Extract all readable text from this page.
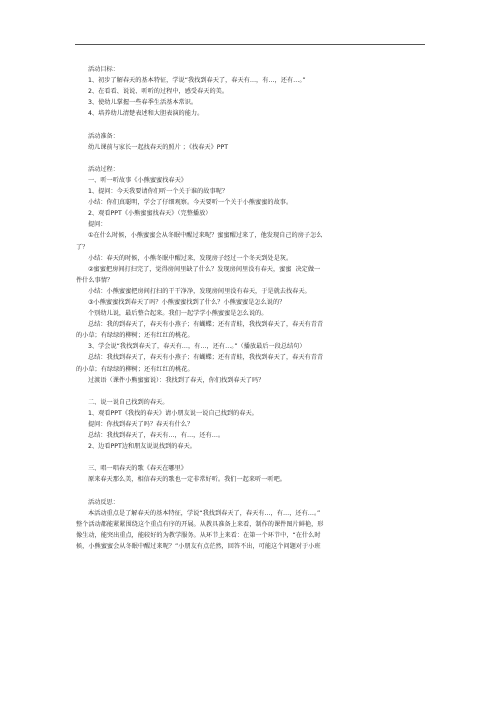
活动目标：
1、初步了解春天的基本特征，学说“我找到春天了，春天有…，有…，还有…。”
2、在看看、说说、听听的过程中，感受春天的美。
3、使幼儿掌握一些春季生活基本常识。
4、培养幼儿清楚表述和大胆表演的能力。
活动准备：
幼儿课前与家长一起找春天的照片 ；《找春天》PPT
活动过程：
一、听一听故事《小熊蜜蜜找春天》
1、提问：今天我要请你们听一个关于谁的故事呢？
小结：你们真聪明，学会了仔细观察。今天要听一个关于小熊蜜蜜的故事。
2、观看PPT《小熊蜜蜜找春天》（完整播放）
提问：
①在什么时候，小熊蜜蜜会从冬眠中醒过来呢？蜜蜜醒过来了，他发现自己的房子怎么
了？
小结：春天的时候，小熊冬眠中醒过来，发现房子经过一个冬天到处是灰。
②蜜蜜把房间打扫完了，觉得房间里缺了什么？发现房间里没有春天，蜜蜜  决定做一
件什么事情？
小结：小熊蜜蜜把房间打扫的干干净净，发现房间里没有春天，于是就去找春天。
③小熊蜜蜜找到春天了吗？小熊蜜蜜找到了什么？小熊蜜蜜是怎么说的？
个别幼儿说，最后整合起来。我们一起学学小熊蜜蜜是怎么说的。
总结：我的到春天了，春天有小燕子；有蝴蝶；还有青蛙，我找到春天了，春天有青青
的小草；有绿绿的柳树；还有红红的桃花。
3、学会说“我找到春天了，春天有…，有…，还有…。”（播放最后一段总结句）
总结：我找到春天了，春天有小燕子；有蝴蝶；还有青蛙，我找到春天了，春天有青青
的小草；有绿绿的柳树；还有红红的桃花。
过渡语（课件小熊蜜蜜说）：我找到了春天，你们找到春天了吗？
二、说一说自己找到的春天。
1、观看PPT《我找的春天》请小朋友说一说自己找到的春天。
提问：你找到春天了吗？春天有什么？
总结：我找到春天了，春天有…，有…，还有…。
2、边看PPT边和朋友说说找到的春天。
三、唱一唱春天的歌《春天在哪里》
原来春天那么美，相信春天的歌也一定非常好听。我们一起来听一听吧。
活动反思：
本活动重点是了解春天的基本特征，学说“我找到春天了，春天有…，有…，还有…。”
整个活动都能紧紧围绕这个重点有序的开展。从教具准备上来看，制作的课件图片鲜艳，形
像生动，能突出重点，能较好的为教学服务。从环节上来看：在第一个环节中，“在什么时
候，小熊蜜蜜会从冬眠中醒过来呢？”小朋友有点茫然，回答不出，可能这个问题对于小班
